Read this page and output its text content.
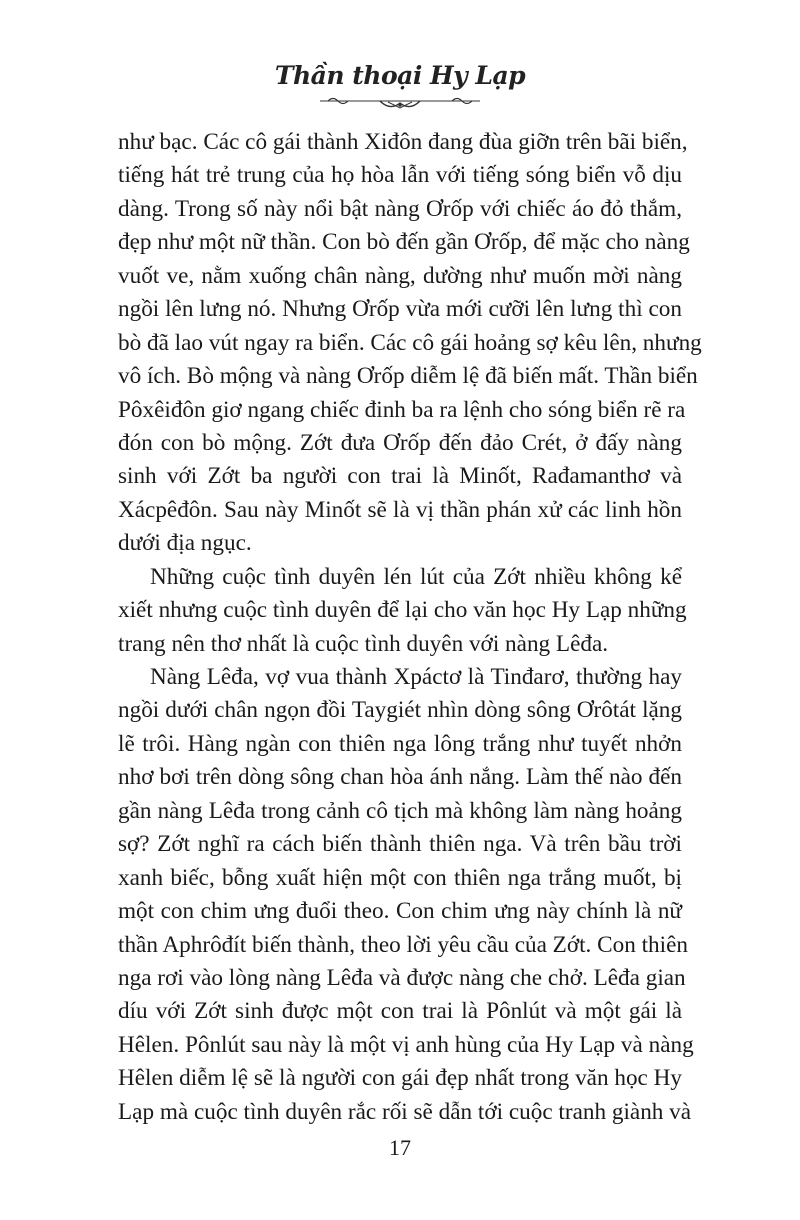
Thần thoại Hy Lạp
như bạc. Các cô gái thành Xiđôn đang đùa giỡn trên bãi biển,
tiếng hát trẻ trung của họ hòa lẫn với tiếng sóng biển vỗ dịu
dàng. Trong số này nổi bật nàng Ơrốp với chiếc áo đỏ thắm,
đẹp như một nữ thần. Con bò đến gần Ơrốp, để mặc cho nàng
vuốt ve, nằm xuống chân nàng, dường như muốn mời nàng
ngồi lên lưng nó. Nhưng Ơrốp vừa mới cưỡi lên lưng thì con
bò đã lao vút ngay ra biển. Các cô gái hoảng sợ kêu lên, nhưng
vô ích. Bò mộng và nàng Ơrốp diễm lệ đã biến mất. Thần biển
Pôxêiđôn giơ ngang chiếc đinh ba ra lệnh cho sóng biển rẽ ra
đón con bò mộng. Zớt đưa Ơrốp đến đảo Crét, ở đấy nàng
sinh với Zớt ba người con trai là Minốt, Rađamanthơ và
Xácpêđôn. Sau này Minốt sẽ là vị thần phán xử các linh hồn
dưới địa ngục.
Những cuộc tình duyên lén lút của Zớt nhiều không kể
xiết nhưng cuộc tình duyên để lại cho văn học Hy Lạp những
trang nên thơ nhất là cuộc tình duyên với nàng Lêđa.
Nàng Lêđa, vợ vua thành Xpáctơ là Tinđarơ, thường hay
ngồi dưới chân ngọn đồi Taygiét nhìn dòng sông Ơrôtát lặng
lẽ trôi. Hàng ngàn con thiên nga lông trắng như tuyết nhởn
nhơ bơi trên dòng sông chan hòa ánh nắng. Làm thế nào đến
gần nàng Lêđa trong cảnh cô tịch mà không làm nàng hoảng
sợ? Zớt nghĩ ra cách biến thành thiên nga. Và trên bầu trời
xanh biếc, bỗng xuất hiện một con thiên nga trắng muốt, bị
một con chim ưng đuổi theo. Con chim ưng này chính là nữ
thần Aphrôđít biến thành, theo lời yêu cầu của Zớt. Con thiên
nga rơi vào lòng nàng Lêđa và được nàng che chở. Lêđa gian
díu với Zớt sinh được một con trai là Pônlút và một gái là
Hêlen. Pônlút sau này là một vị anh hùng của Hy Lạp và nàng
Hêlen diễm lệ sẽ là người con gái đẹp nhất trong văn học Hy
Lạp mà cuộc tình duyên rắc rối sẽ dẫn tới cuộc tranh giành và
17
